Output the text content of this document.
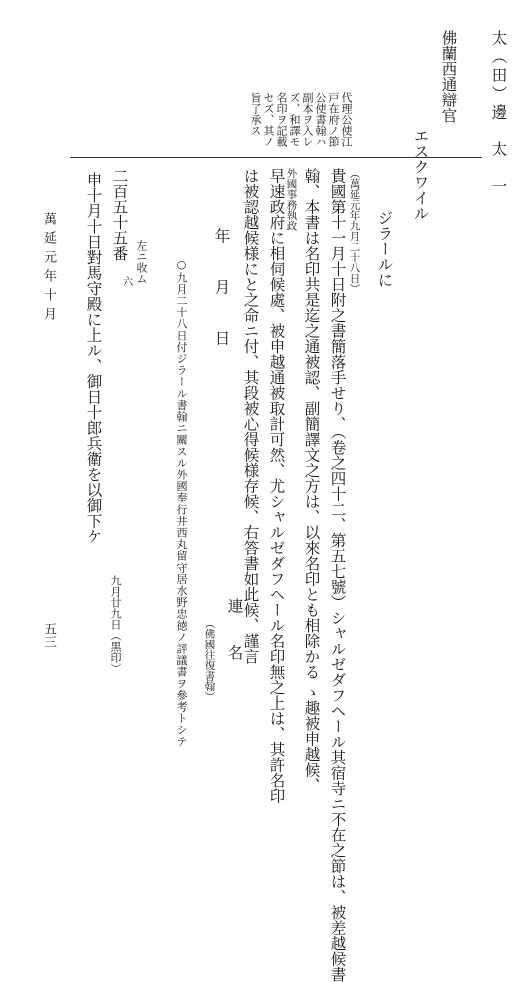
萬延元年十月
五三
旨了承ス セズ、其ノ 名印ヲ記載 ズ、和譯モ 副本ヲ入レ 公使書翰ハ 戸在府ノ節 代理公使江	太（田）邊　太　一
佛蘭西通辯官
エスクワイル
ジラールに
（萬延元年九月二十八日）
貴國第十一月十日附之書簡落手せり、（卷之四十二、第五七號）シャルゼダフヘール其宿寺ニ不在之節は、被差越候書
翰、本書は名印共是迄之通被認、副簡譯文之方は、以來名印とも相除かる ゝ趣被申越候、
外國事務執政
早速政府に相伺候處、被申越通被取計可然、尤シャルゼダフヘール名印無之上は、其許名印
は被認越候様にと之命ニ付、其段被心得候様存候、右答書如此候、謹言
年　月　日
連　　名
（佛國往復書翰）
○九月二十八日付ジラール書翰ニ關スル外國奉行井西丸留守居水野忠徳ノ評議書ヲ參考トシテ
左ニ收ム
二百五十五番
六
申十月十日對馬守殿に上ル、御日十郎兵衛を以御下ケ
九月廿九日（黒印）
